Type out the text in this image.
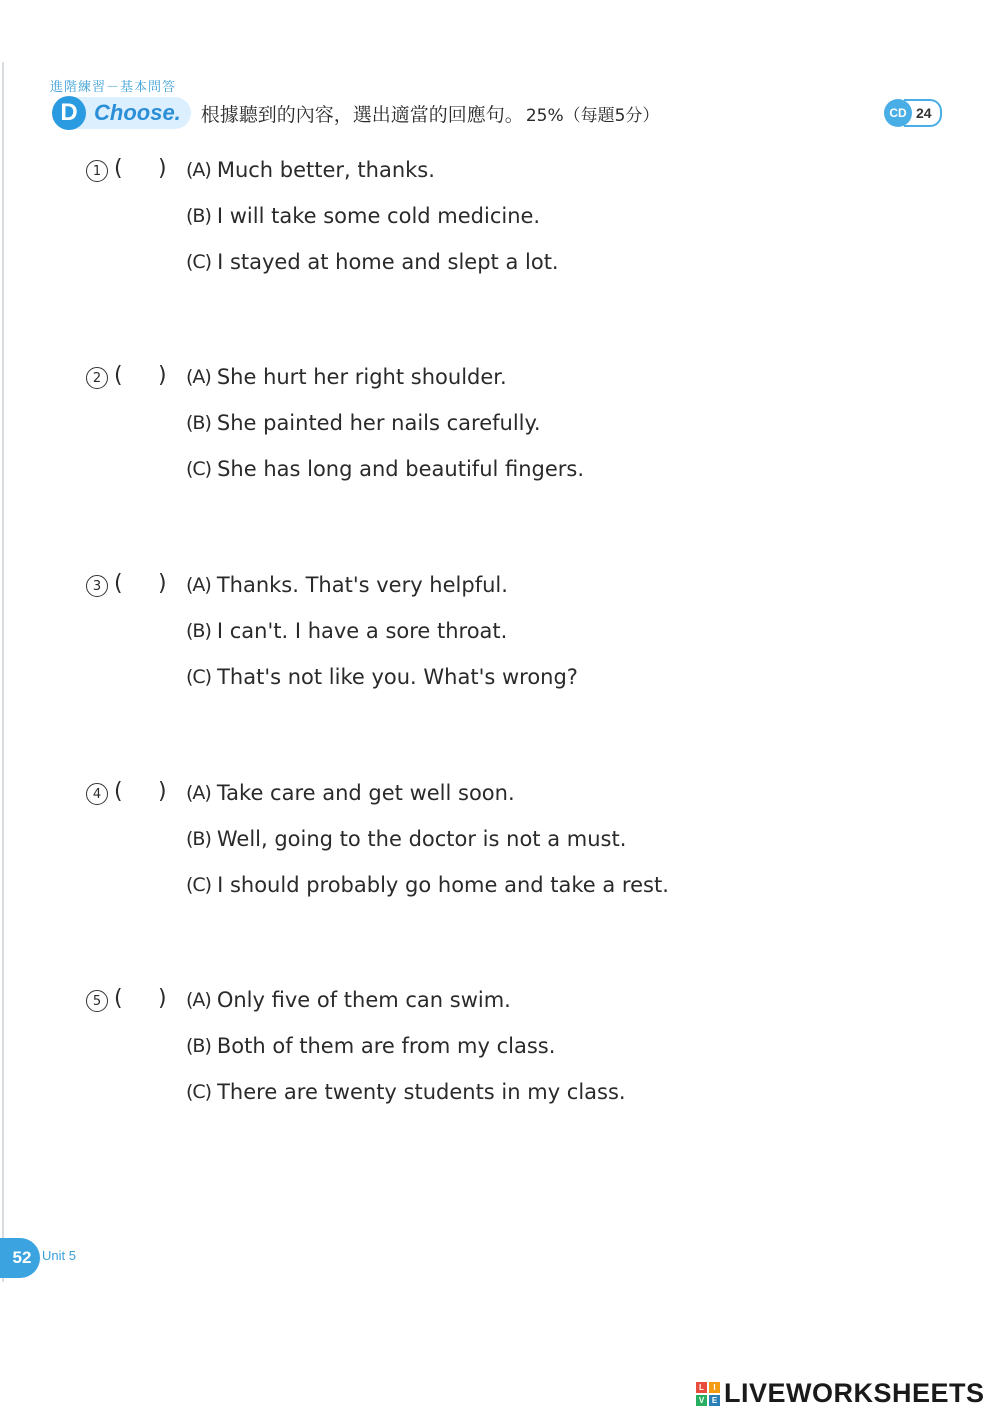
進階練習－基本問答
D Choose. 根據聽到的內容，選出適當的回應句。 25%（每題5分）	CD 24
1 ( ) (A) Much better, thanks.
(B) I will take some cold medicine.
(C) I stayed at home and slept a lot.
2 ( ) (A) She hurt her right shoulder.
(B) She painted her nails carefully.
(C) She has long and beautiful fingers.
3 ( ) (A) Thanks. That's very helpful.
(B) I can't. I have a sore throat.
(C) That's not like you. What's wrong?
4 ( ) (A) Take care and get well soon.
(B) Well, going to the doctor is not a must.
(C) I should probably go home and take a rest.
5 ( ) (A) Only five of them can swim.
(B) Both of them are from my class.
(C) There are twenty students in my class.
52 Unit 5
L	I
V E LIVEWORKSHEETS
